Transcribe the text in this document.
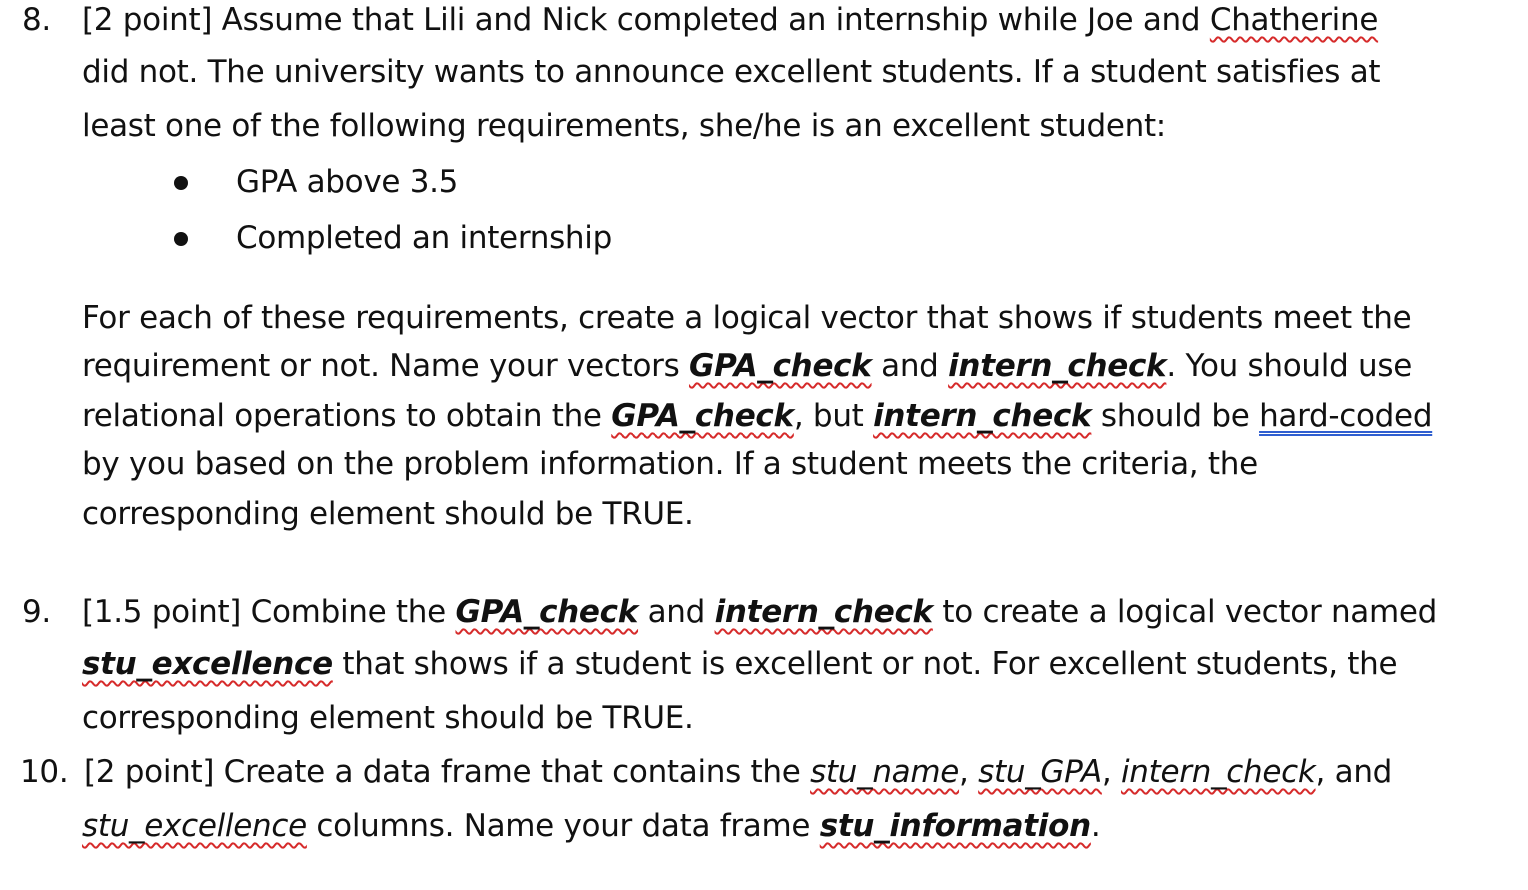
8. [2 point] Assume that Lili and Nick completed an internship while Joe and Chatherine
did not. The university wants to announce excellent students. If a student satisfies at
least one of the following requirements, she/he is an excellent student:
GPA above 3.5
Completed an internship
For each of these requirements, create a logical vector that shows if students meet the
requirement or not. Name your vectors GPA_check and intern_check. You should use
relational operations to obtain the GPA_check, but intern_check should be hard-coded
by you based on the problem information. If a student meets the criteria, the
corresponding element should be TRUE.
9. [1.5 point] Combine the GPA_check and intern_check to create a logical vector named
stu_excellence that shows if a student is excellent or not. For excellent students, the
corresponding element should be TRUE.
10. [2 point] Create a data frame that contains the stu_name, stu_GPA, intern_check, and
stu_excellence columns. Name your data frame stu_information.
